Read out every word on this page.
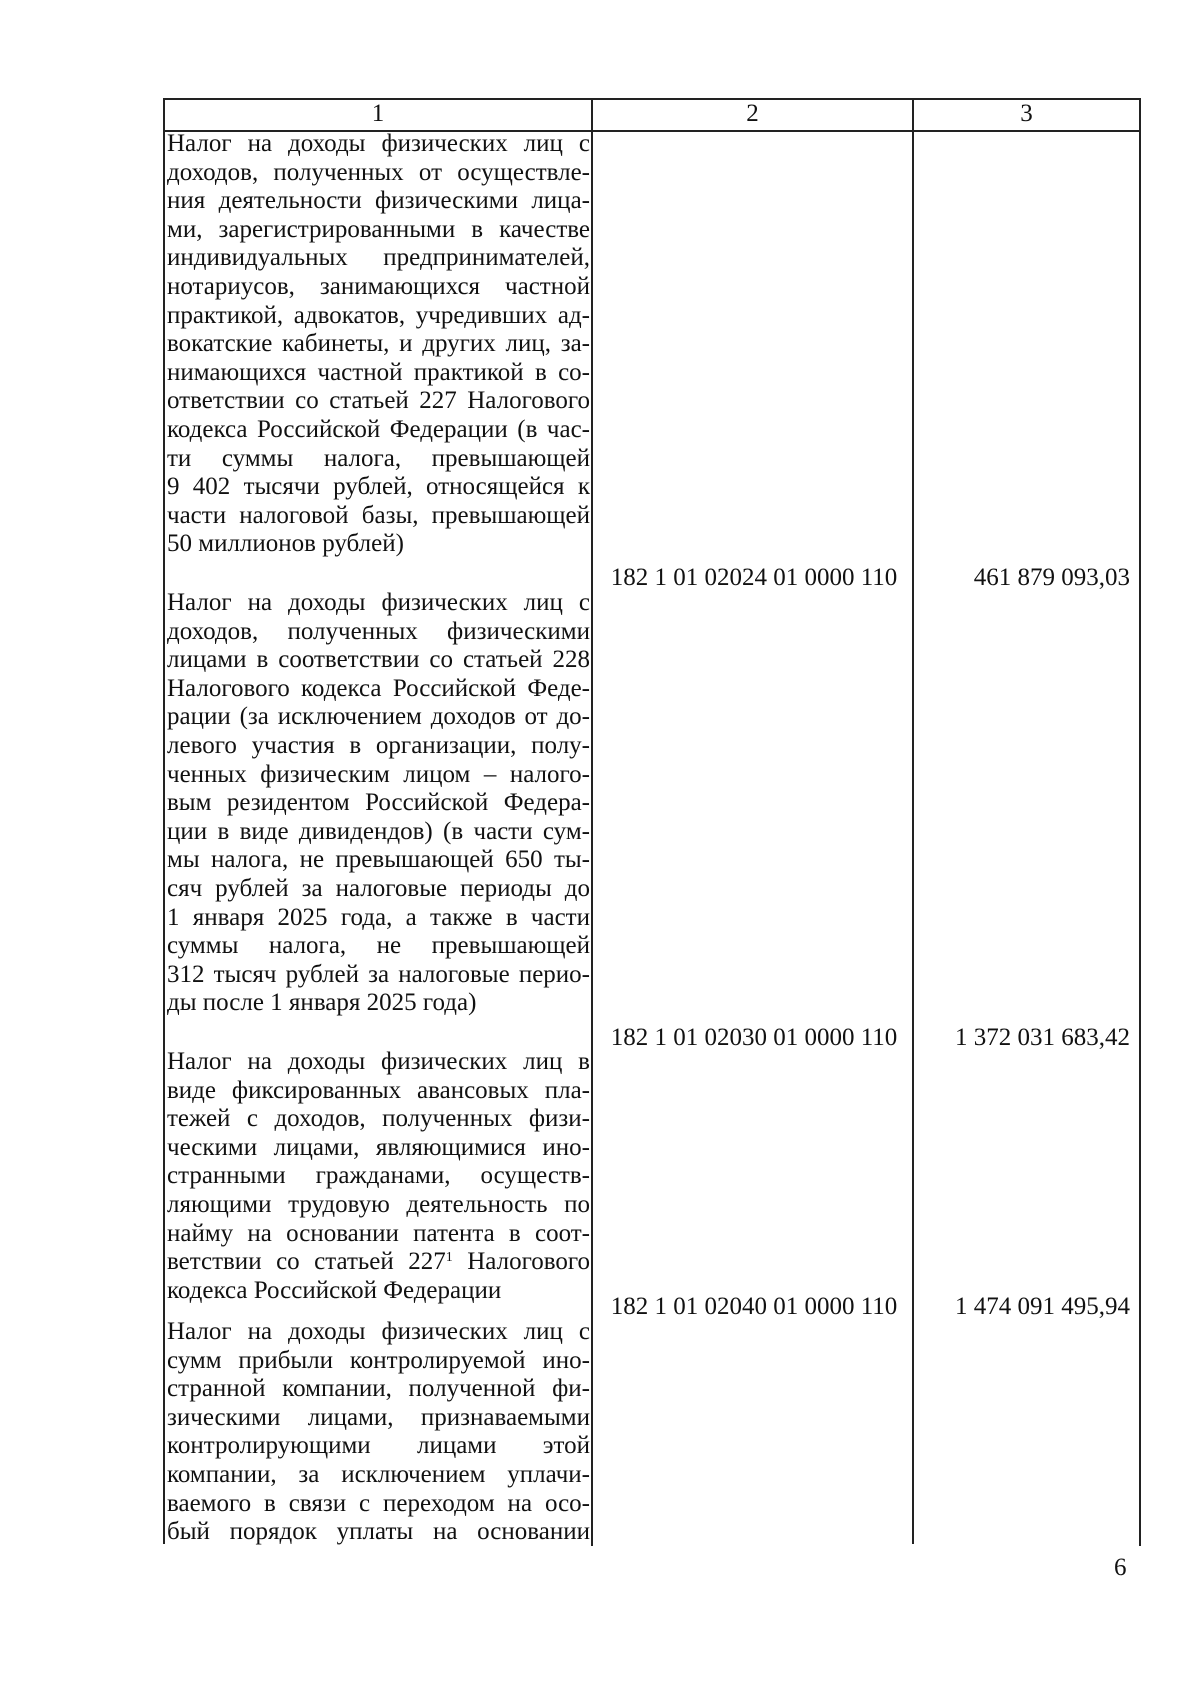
1	2	3
Налог на доходы физических лиц с
доходов, полученных от осуществле-
ния деятельности физическими лица-
ми, зарегистрированными в качестве
индивидуальных предпринимателей,
нотариусов, занимающихся частной
практикой, адвокатов, учредивших ад-
вокатские кабинеты, и других лиц, за-
нимающихся частной практикой в со-
ответствии со статьей 227 Налогового
кодекса Российской Федерации (в час-
ти суммы налога, превышающей
9 402 тысячи рублей, относящейся к
части налоговой базы, превышающей
50 миллионов рублей)
182 1 01 02024 01 0000 110	461 879 093,03
Налог на доходы физических лиц с
доходов, полученных физическими
лицами в соответствии со статьей 228
Налогового кодекса Российской Феде-
рации (за исключением доходов от до-
левого участия в организации, полу-
ченных физическим лицом – налого-
вым резидентом Российской Федера-
ции в виде дивидендов) (в части сум-
мы налога, не превышающей 650 ты-
сяч рублей за налоговые периоды до
1 января 2025 года, а также в части
суммы налога, не превышающей
312 тысяч рублей за налоговые перио-
ды после 1 января 2025 года)
182 1 01 02030 01 0000 110	1 372 031 683,42
Налог на доходы физических лиц в
виде фиксированных авансовых пла-
тежей с доходов, полученных физи-
ческими лицами, являющимися ино-
странными гражданами, осуществ-
ляющими трудовую деятельность по
найму на основании патента в соот-
ветствии со статьей $227^1$ Налогового
кодекса Российской Федерации
182 1 01 02040 01 0000 110	1 474 091 495,94
Налог на доходы физических лиц с
сумм прибыли контролируемой ино-
странной компании, полученной фи-
зическими лицами, признаваемыми
контролирующими лицами этой
компании, за исключением уплачи-
ваемого в связи с переходом на осо-
бый порядок уплаты на основании
6
